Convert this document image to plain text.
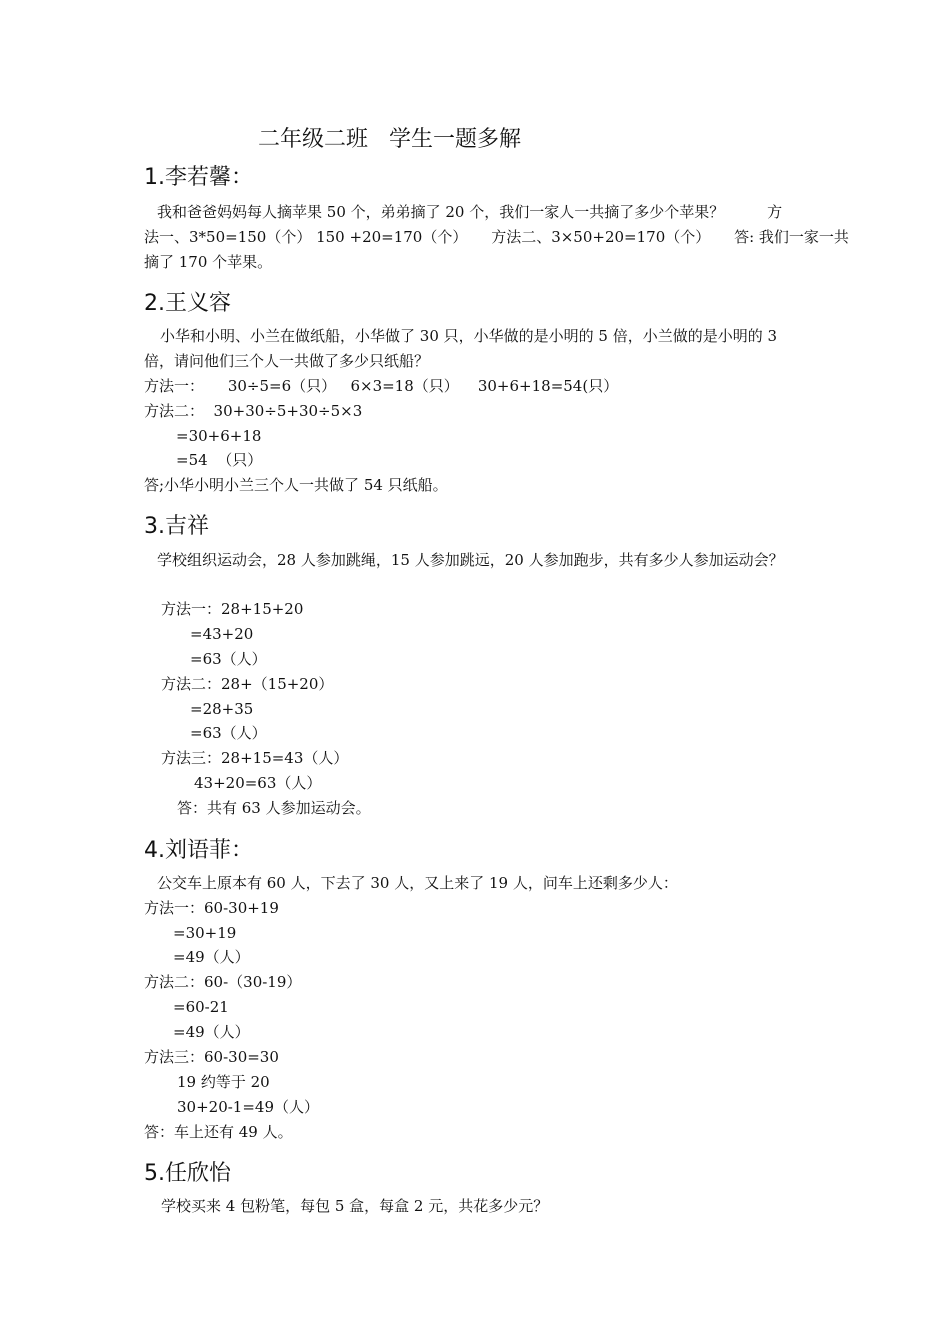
二年级二班   学生一题多解
1.李若馨：
我和爸爸妈妈每人摘苹果 50 个，弟弟摘了 20 个，我们一家人一共摘了多少个苹果？         方
法一、3*50=150（个） 150 +20=170（个）     方法二、3×50+20=170（个）     答: 我们一家一共
摘了 170 个苹果。
2.王义容
小华和小明、小兰在做纸船，小华做了 30 只，小华做的是小明的 5 倍，小兰做的是小明的 3
倍，请问他们三个人一共做了多少只纸船？
方法一：     30÷5=6（只）   6×3=18（只）    30+6+18=54(只）
方法二：  30+30÷5+30÷5×3
=30+6+18
=54  （只）
答;小华小明小兰三个人一共做了 54 只纸船。
3.吉祥
学校组织运动会，28 人参加跳绳，15 人参加跳远，20 人参加跑步，共有多少人参加运动会？
方法一：28+15+20
=43+20
=63（人）
方法二：28+（15+20）
=28+35
=63（人）
方法三：28+15=43（人）
43+20=63（人）
答：共有 63 人参加运动会。
4.刘语菲：
公交车上原本有 60 人，下去了 30 人，又上来了 19 人，问车上还剩多少人：
方法一：60-30+19
=30+19
=49（人）
方法二：60-（30-19）
=60-21
=49（人）
方法三：60-30=30
19 约等于 20
30+20-1=49（人）
答：车上还有 49 人。
5.任欣怡
学校买来 4 包粉笔，每包 5 盒，每盒 2 元，共花多少元？
